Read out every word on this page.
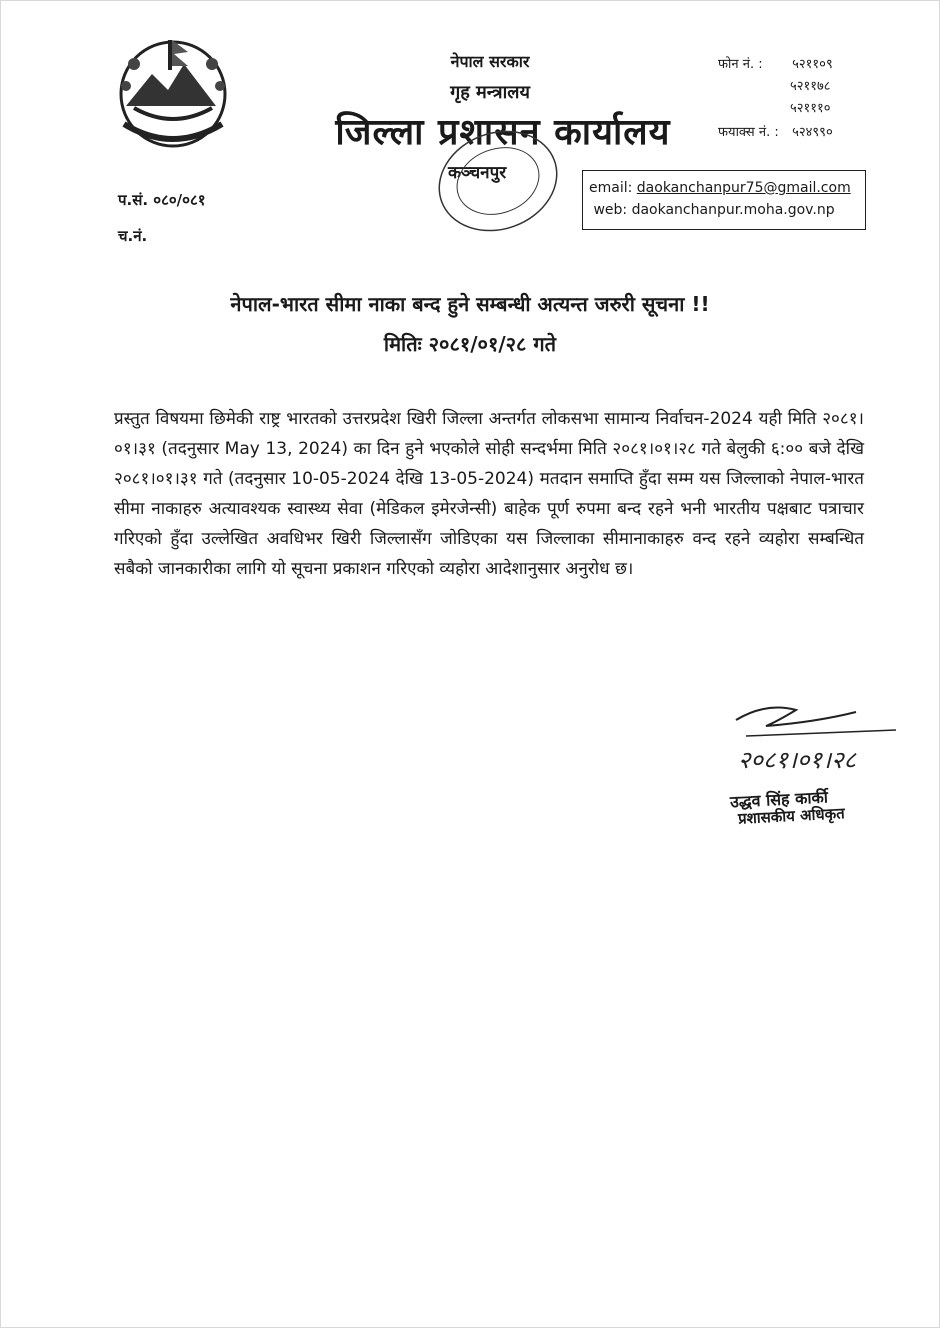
नेपाल सरकार
गृह मन्त्रालय
जिल्ला प्रशासन कार्यालय
कञ्चनपुर
फोन नं. : ५२११०९
५२११७८
५२१११०
फयाक्स नं. : ५२४९९०
email: daokanchanpur75@gmail.com
web: daokanchanpur.moha.gov.np
प.सं. ०८०/०८१
च.नं.
नेपाल-भारत सीमा नाका बन्द हुने सम्बन्धी अत्यन्त जरुरी सूचना !!
मितिः २०८१/०१/२८ गते
प्रस्तुत विषयमा छिमेकी राष्ट्र भारतको उत्तरप्रदेश खिरी जिल्ला अन्तर्गत लोकसभा सामान्य निर्वाचन-2024 यही मिति २०८१।०१।३१ (तदनुसार May 13, 2024) का दिन हुने भएकोले सोही सन्दर्भमा मिति २०८१।०१।२८ गते बेलुकी ६:०० बजे देखि २०८१।०१।३१ गते (तदनुसार 10-05-2024 देखि 13-05-2024) मतदान समाप्ति हुँदा सम्म यस जिल्लाको नेपाल-भारत सीमा नाकाहरु अत्यावश्यक स्वास्थ्य सेवा (मेडिकल इमेरजेन्सी) बाहेक पूर्ण रुपमा बन्द रहने भनी भारतीय पक्षबाट पत्राचार गरिएको हुँदा उल्लेखित अवधिभर खिरी जिल्लासँग जोडिएका यस जिल्लाका सीमानाकाहरु वन्द रहने व्यहोरा सम्बन्धित सबैको जानकारीका लागि यो सूचना प्रकाशन गरिएको व्यहोरा आदेशानुसार अनुरोध छ।
२०८१।०१।२८
उद्धव सिंह कार्की
प्रशासकीय अधिकृत
